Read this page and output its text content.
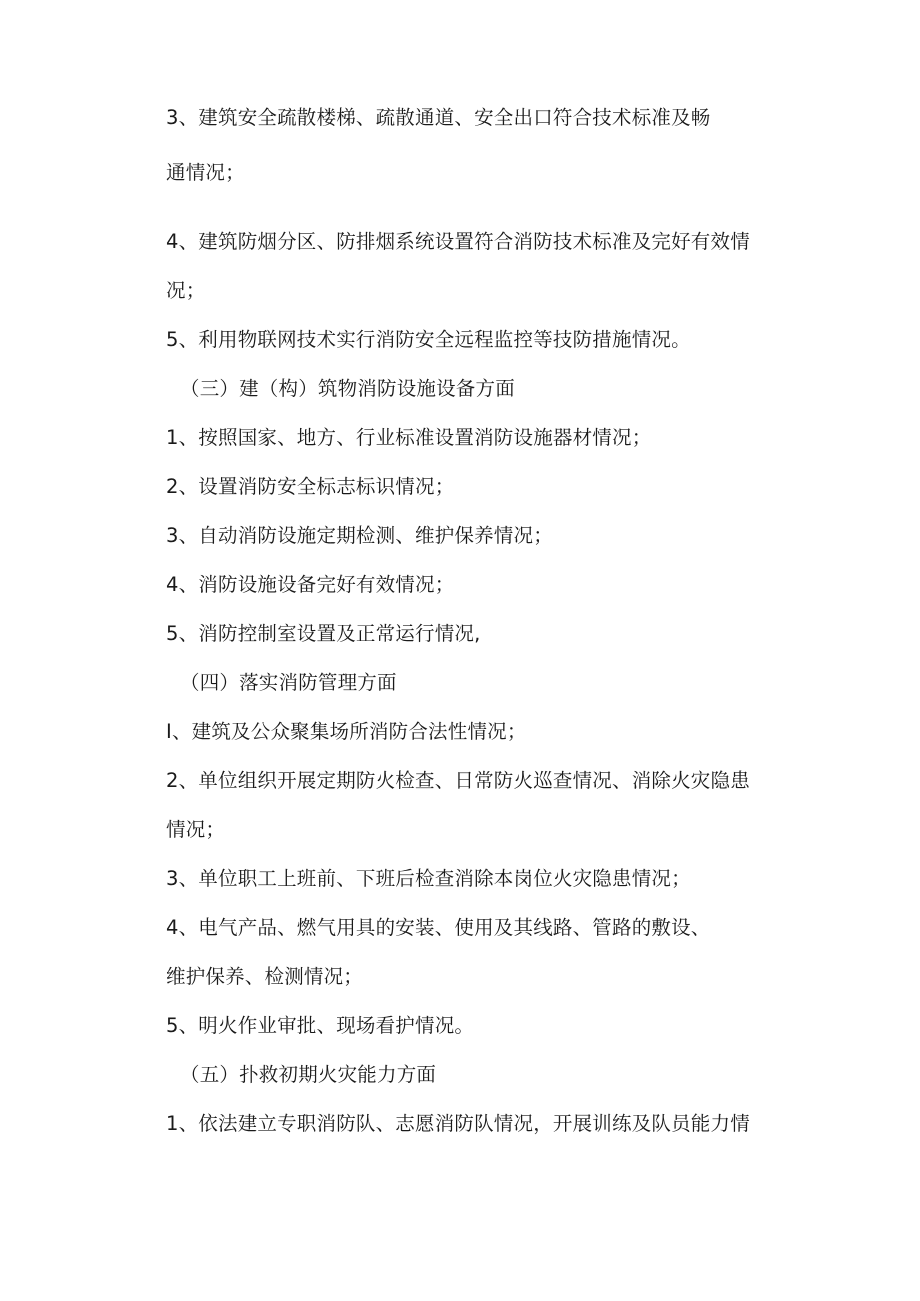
3、建筑安全疏散楼梯、疏散通道、安全出口符合技术标准及畅
通情况；
4、建筑防烟分区、防排烟系统设置符合消防技术标准及完好有效情
况；
5、利用物联网技术实行消防安全远程监控等技防措施情况。
（三）建（构）筑物消防设施设备方面
1、按照国家、地方、行业标准设置消防设施器材情况；
2、设置消防安全标志标识情况；
3、自动消防设施定期检测、维护保养情况；
4、消防设施设备完好有效情况；
5、消防控制室设置及正常运行情况,
（四）落实消防管理方面
I、建筑及公众聚集场所消防合法性情况；
2、单位组织开展定期防火检查、日常防火巡查情况、消除火灾隐患
情况；
3、单位职工上班前、下班后检查消除本岗位火灾隐患情况；
4、电气产品、燃气用具的安装、使用及其线路、管路的敷设、
维护保养、检测情况；
5、明火作业审批、现场看护情况。
（五）扑救初期火灾能力方面
1、依法建立专职消防队、志愿消防队情况，开展训练及队员能力情
